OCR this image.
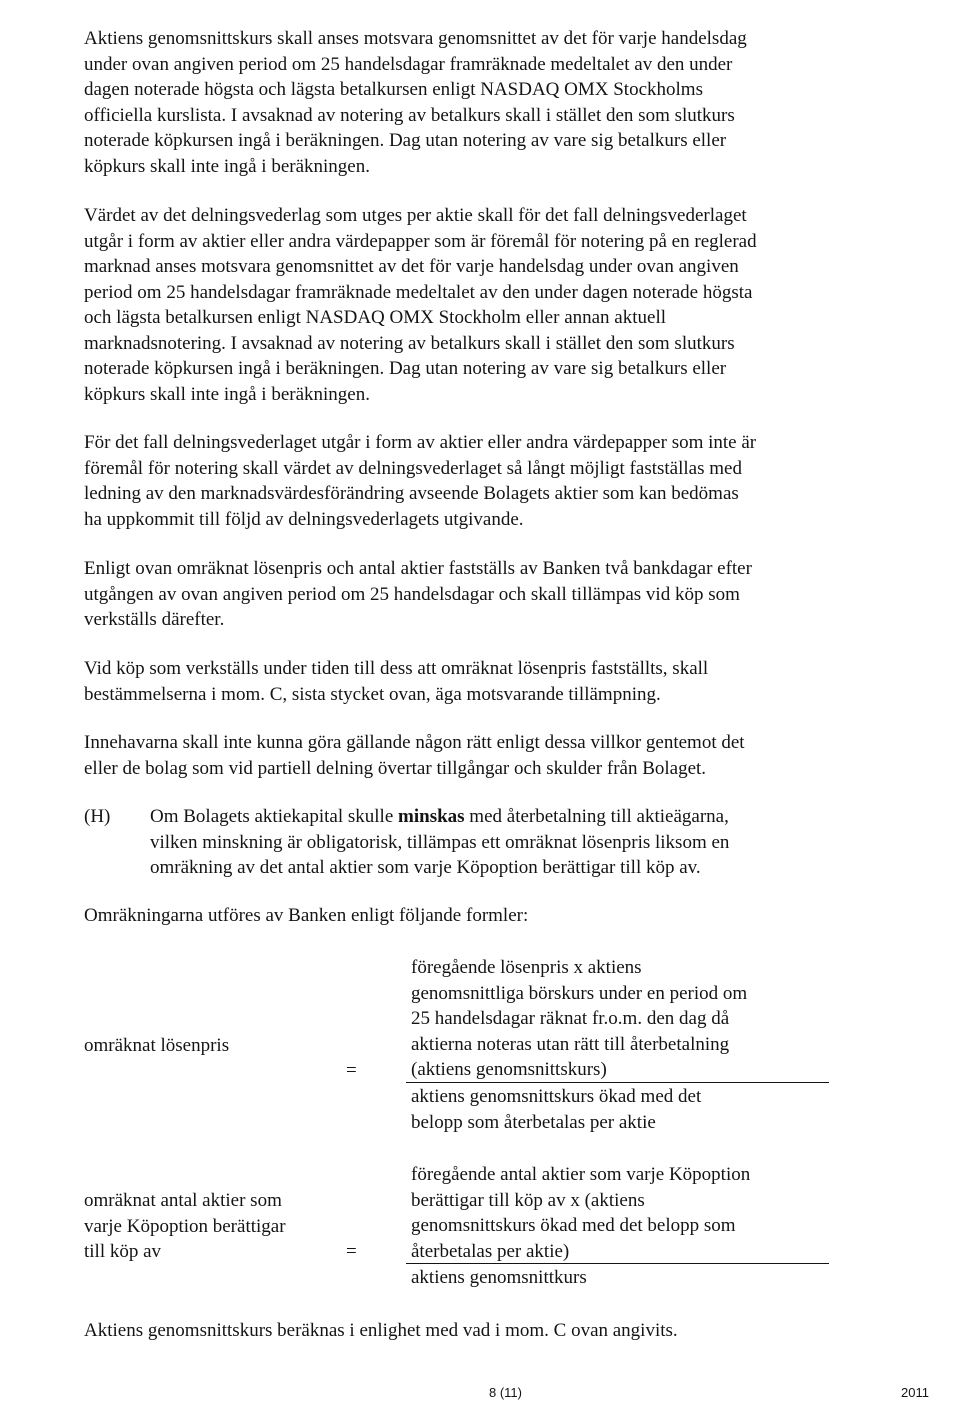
Aktiens genomsnittskurs skall anses motsvara genomsnittet av det för varje handelsdag
under ovan angiven period om 25 handelsdagar framräknade medeltalet av den under
dagen noterade högsta och lägsta betalkursen enligt NASDAQ OMX Stockholms
officiella kurslista. I avsaknad av notering av betalkurs skall i stället den som slutkurs
noterade köpkursen ingå i beräkningen. Dag utan notering av vare sig betalkurs eller
köpkurs skall inte ingå i beräkningen.
Värdet av det delningsvederlag som utges per aktie skall för det fall delningsvederlaget
utgår i form av aktier eller andra värdepapper som är föremål för notering på en reglerad
marknad anses motsvara genomsnittet av det för varje handelsdag under ovan angiven
period om 25 handelsdagar framräknade medeltalet av den under dagen noterade högsta
och lägsta betalkursen enligt NASDAQ OMX Stockholm eller annan aktuell
marknadsnotering. I avsaknad av notering av betalkurs skall i stället den som slutkurs
noterade köpkursen ingå i beräkningen. Dag utan notering av vare sig betalkurs eller
köpkurs skall inte ingå i beräkningen.
För det fall delningsvederlaget utgår i form av aktier eller andra värdepapper som inte är
föremål för notering skall värdet av delningsvederlaget så långt möjligt fastställas med
ledning av den marknadsvärdesförändring avseende Bolagets aktier som kan bedömas
ha uppkommit till följd av delningsvederlagets utgivande.
Enligt ovan omräknat lösenpris och antal aktier fastställs av Banken två bankdagar efter
utgången av ovan angiven period om 25 handelsdagar och skall tillämpas vid köp som
verkställs därefter.
Vid köp som verkställs under tiden till dess att omräknat lösenpris fastställts, skall
bestämmelserna i mom. C, sista stycket ovan, äga motsvarande tillämpning.
Innehavarna skall inte kunna göra gällande någon rätt enligt dessa villkor gentemot det
eller de bolag som vid partiell delning övertar tillgångar och skulder från Bolaget.
(H) Om Bolagets aktiekapital skulle minskas med återbetalning till aktieägarna,
vilken minskning är obligatorisk, tillämpas ett omräknat lösenpris liksom en
omräkning av det antal aktier som varje Köpoption berättigar till köp av.
Omräkningarna utföres av Banken enligt följande formler:
omräknat lösenpris
=
föregående lösenpris x aktiens
genomsnittliga börskurs under en period om
25 handelsdagar räknat fr.o.m. den dag då
aktierna noteras utan rätt till återbetalning
(aktiens genomsnittskurs)
aktiens genomsnittskurs ökad med det
belopp som återbetalas per aktie
omräknat antal aktier som
varje Köpoption berättigar
till köp av	=
föregående antal aktier som varje Köpoption
berättigar till köp av x (aktiens
genomsnittskurs ökad med det belopp som
återbetalas per aktie)
aktiens genomsnittkurs
Aktiens genomsnittskurs beräknas i enlighet med vad i mom. C ovan angivits.
8 (11)	2011
